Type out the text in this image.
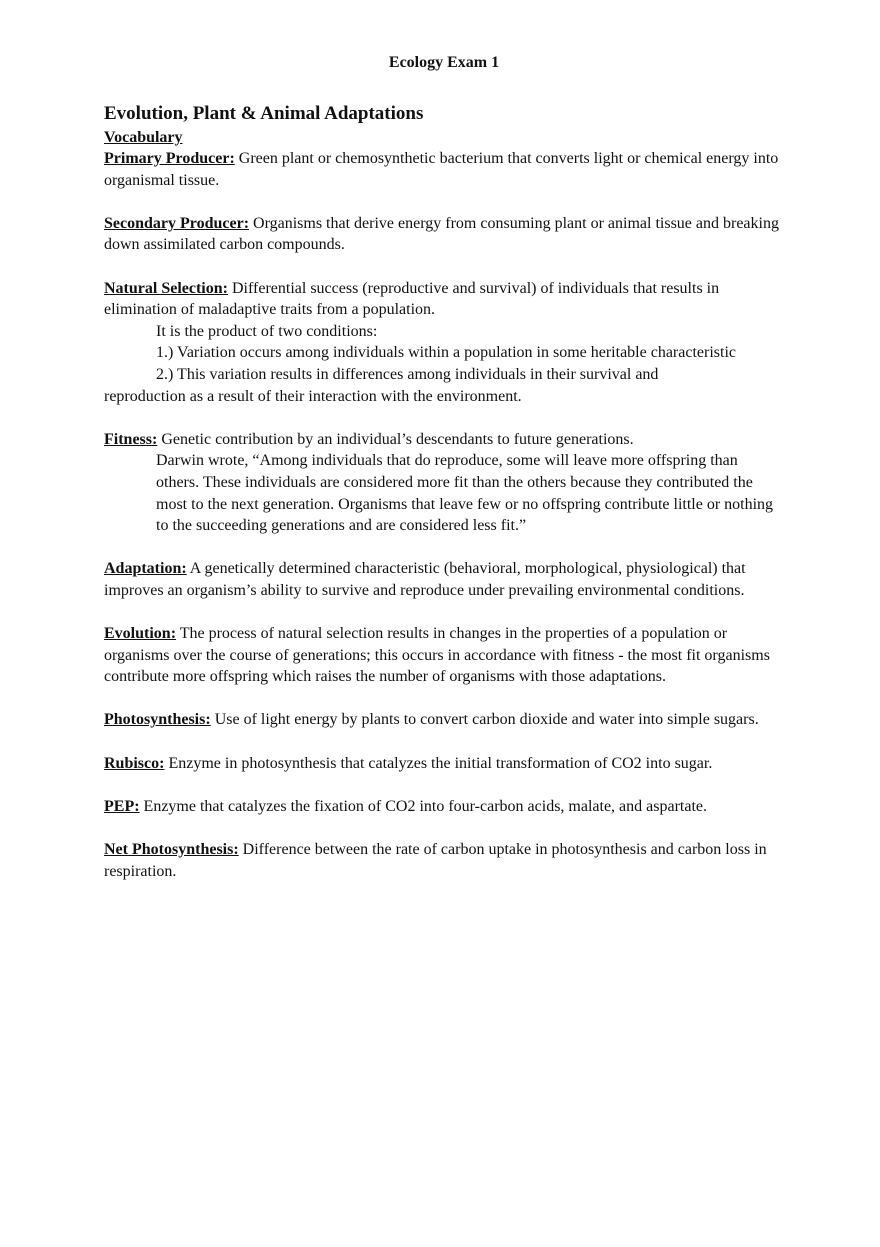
Ecology Exam 1
Evolution, Plant & Animal Adaptations
Vocabulary

Primary Producer: Green plant or chemosynthetic bacterium that converts light or chemical energy into organismal tissue.

Secondary Producer: Organisms that derive energy from consuming plant or animal tissue and breaking down assimilated carbon compounds.

Natural Selection: Differential success (reproductive and survival) of individuals that results in elimination of maladaptive traits from a population.
It is the product of two conditions:
1.) Variation occurs among individuals within a population in some heritable characteristic
2.) This variation results in differences among individuals in their survival and
reproduction as a result of their interaction with the environment.
Fitness: Genetic contribution by an individual’s descendants to future generations.
Darwin wrote, “Among individuals that do reproduce, some will leave more offspring than others. These individuals are considered more fit than the others because they contributed the most to the next generation. Organisms that leave few or no offspring contribute little or nothing to the succeeding generations and are considered less fit.”

Adaptation: A genetically determined characteristic (behavioral, morphological, physiological) that improves an organism’s ability to survive and reproduce under prevailing environmental conditions.

Evolution: The process of natural selection results in changes in the properties of a population or organisms over the course of generations; this occurs in accordance with fitness - the most fit organisms contribute more offspring which raises the number of organisms with those adaptations.

Photosynthesis: Use of light energy by plants to convert carbon dioxide and water into simple sugars.

Rubisco: Enzyme in photosynthesis that catalyzes the initial transformation of CO2 into sugar.

PEP: Enzyme that catalyzes the fixation of CO2 into four-carbon acids, malate, and aspartate.

Net Photosynthesis: Difference between the rate of carbon uptake in photosynthesis and carbon loss in respiration.
